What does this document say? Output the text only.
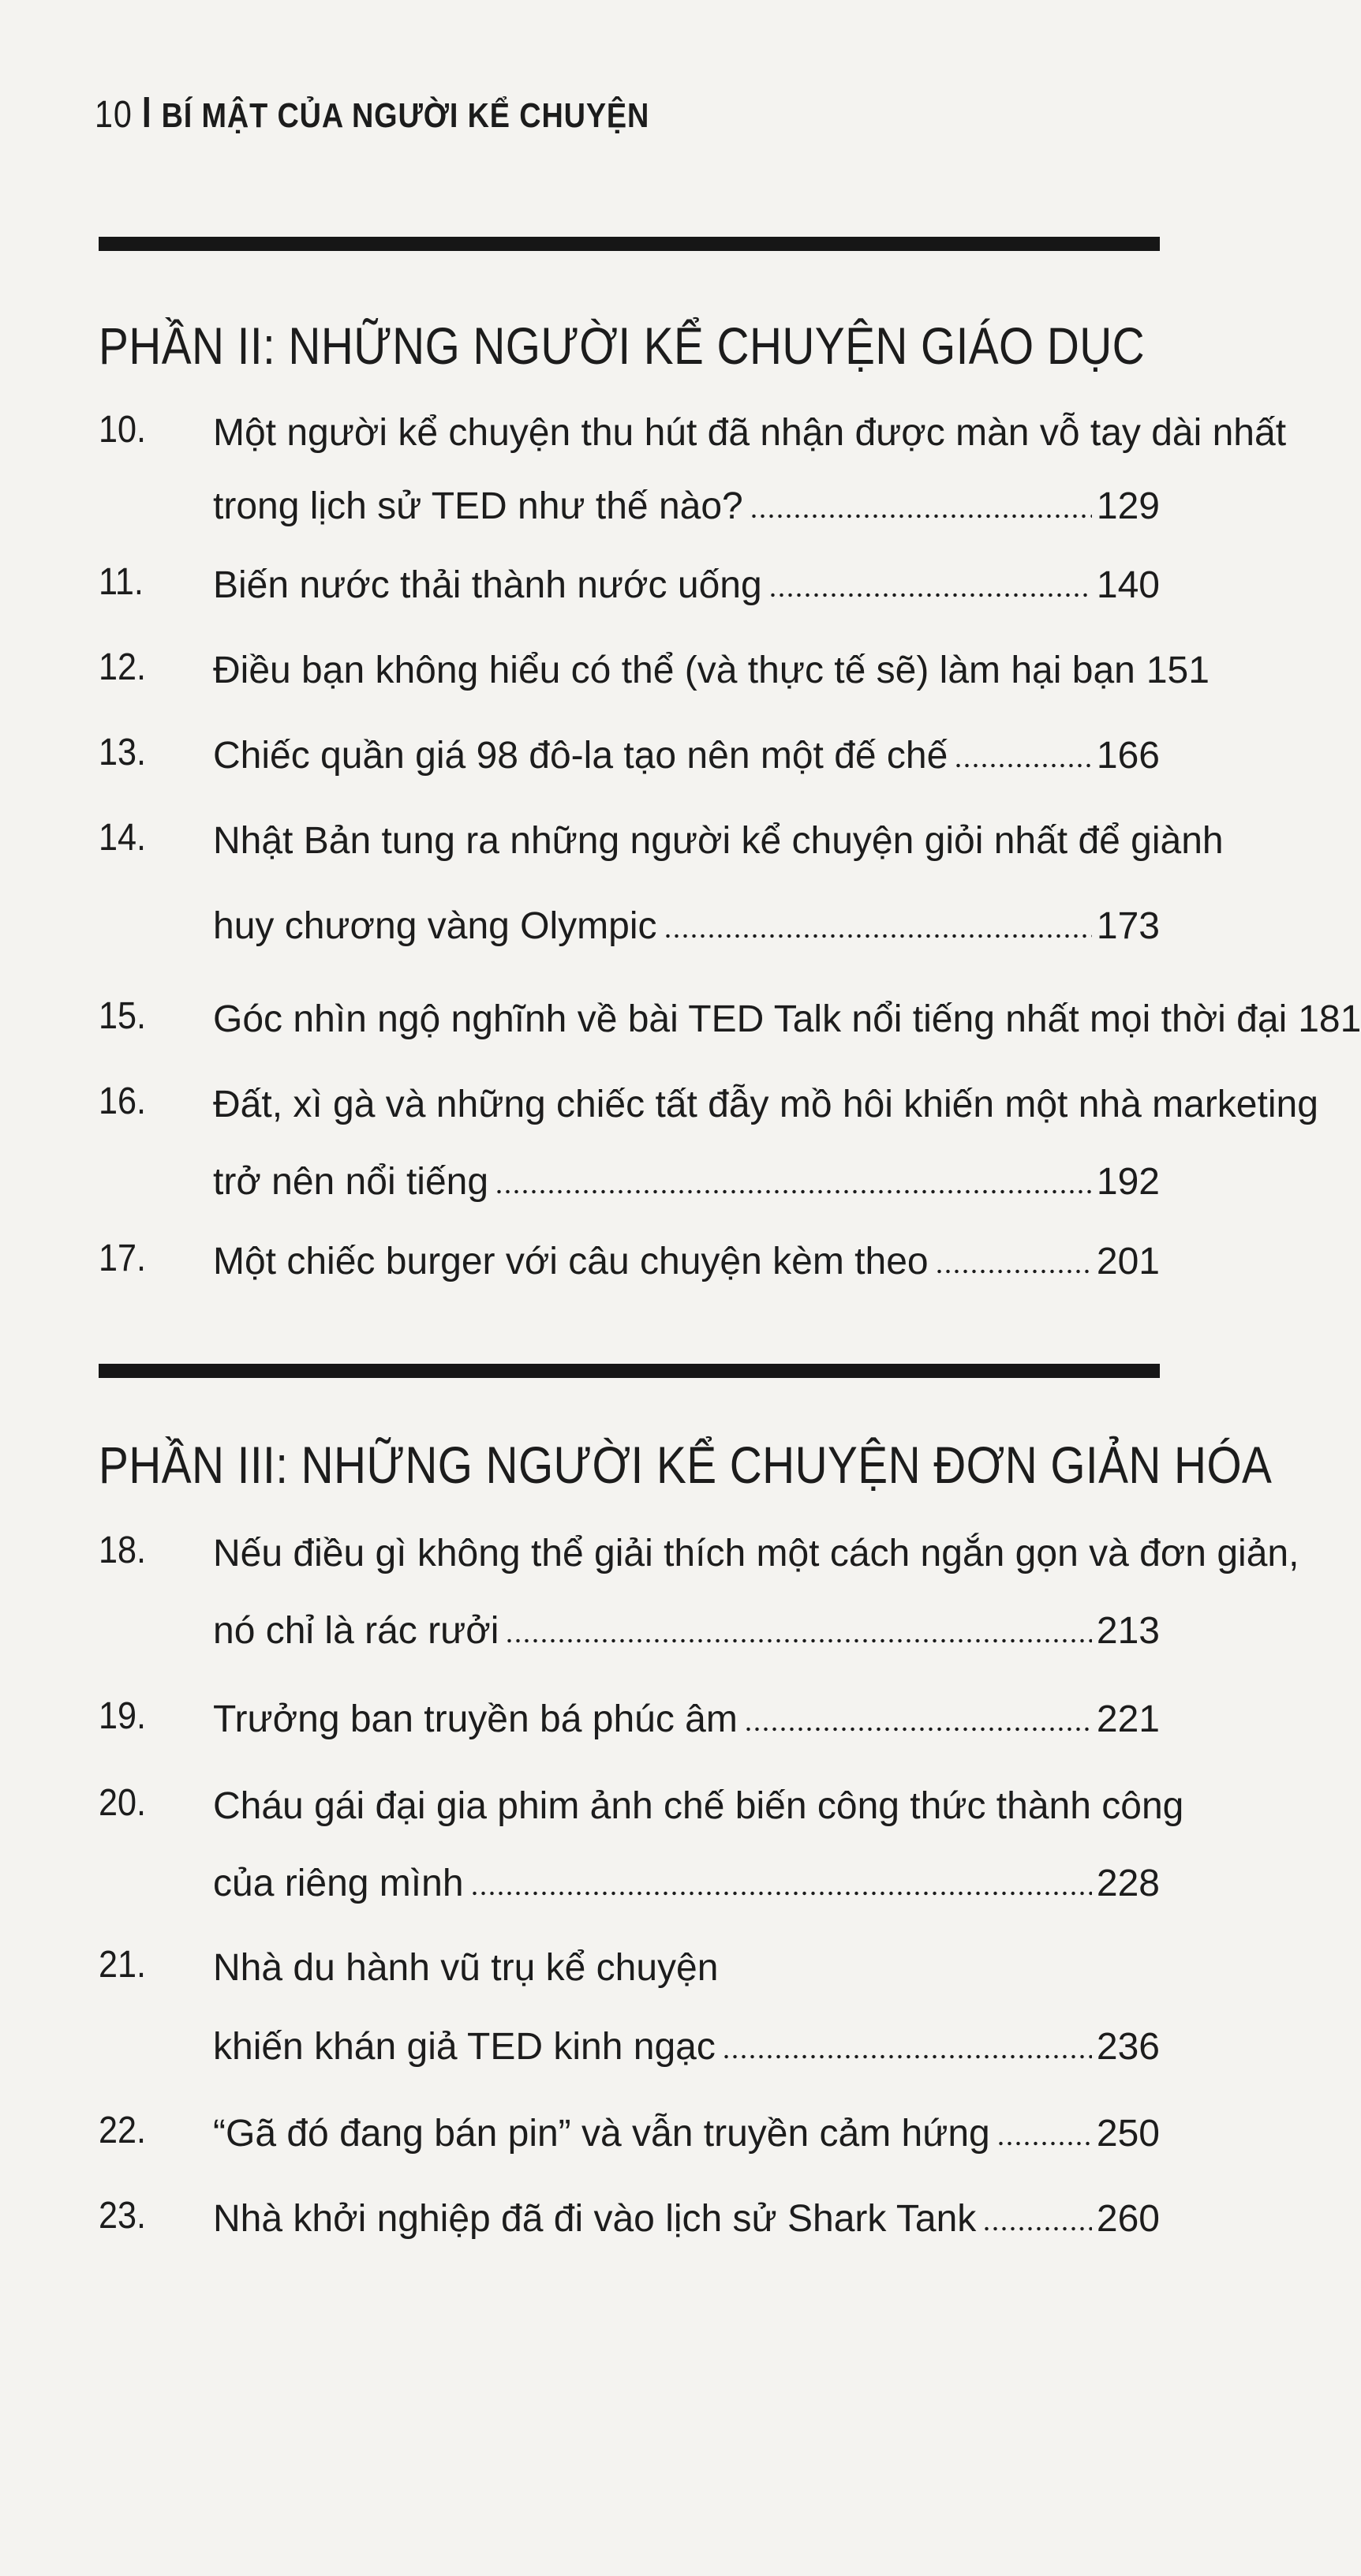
10 BÍ MẬT CỦA NGƯỜI KỂ CHUYỆN
PHẦN II: NHỮNG NGƯỜI KỂ CHUYỆN GIÁO DỤC
10. Một người kể chuyện thu hút đã nhận được màn vỗ tay dài nhất
trong lịch sử TED như thế nào?	129
11. Biến nước thải thành nước uống	140
12. Điều bạn không hiểu có thể (và thực tế sẽ) làm hại bạn 151
13. Chiếc quần giá 98 đô-la tạo nên một đế chế	166
14. Nhật Bản tung ra những người kể chuyện giỏi nhất để giành
huy chương vàng Olympic	173
15. Góc nhìn ngộ nghĩnh về bài TED Talk nổi tiếng nhất mọi thời đại 181
16. Đất, xì gà và những chiếc tất đẫy mồ hôi khiến một nhà marketing
trở nên nổi tiếng	192
17. Một chiếc burger với câu chuyện kèm theo	201
PHẦN III: NHỮNG NGƯỜI KỂ CHUYỆN ĐƠN GIẢN HÓA
18. Nếu điều gì không thể giải thích một cách ngắn gọn và đơn giản,
nó chỉ là rác rưởi	213
19. Trưởng ban truyền bá phúc âm	221
20. Cháu gái đại gia phim ảnh chế biến công thức thành công
của riêng mình	228
21. Nhà du hành vũ trụ kể chuyện
khiến khán giả TED kinh ngạc	236
22. “Gã đó đang bán pin” và vẫn truyền cảm hứng	250
23. Nhà khởi nghiệp đã đi vào lịch sử Shark Tank	260
